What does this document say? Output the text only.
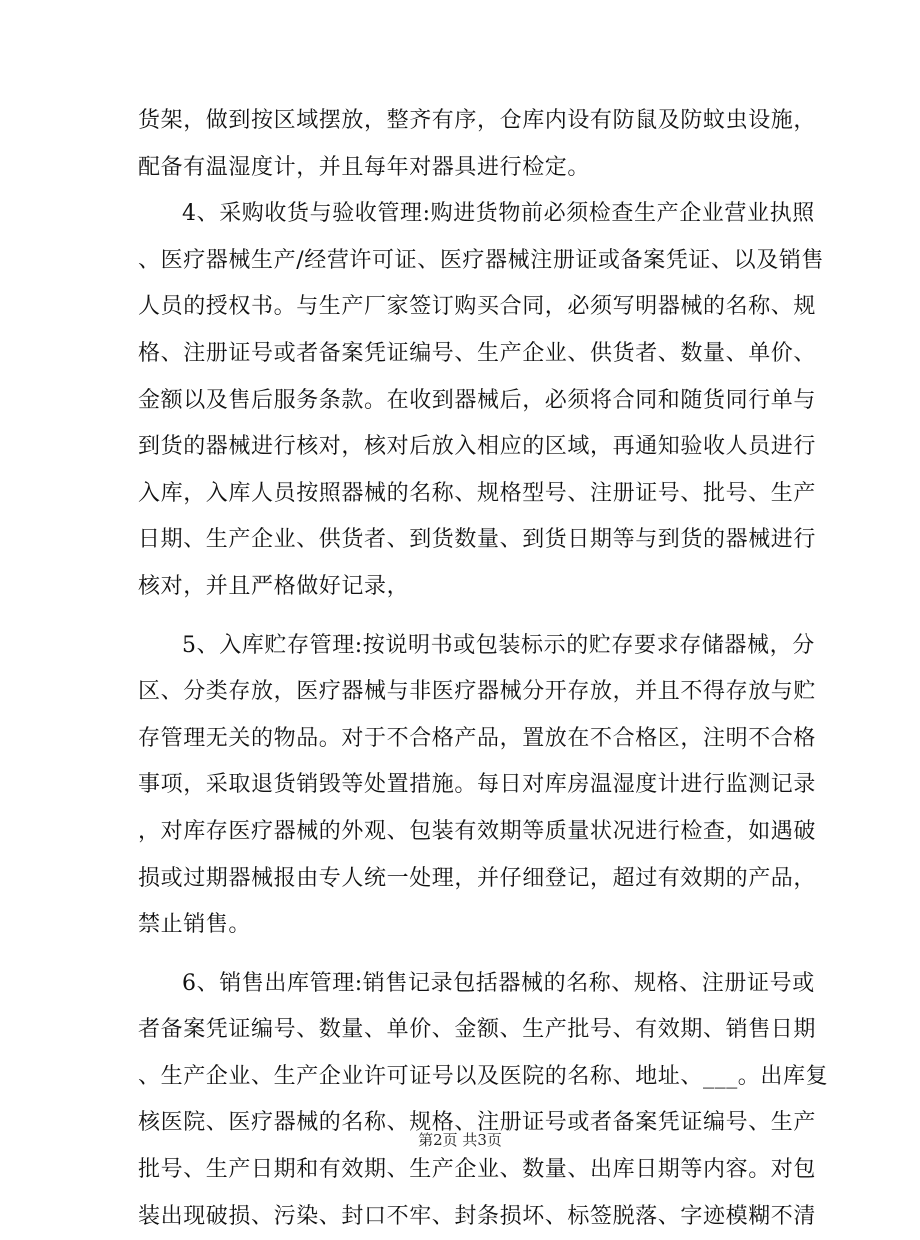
货架，做到按区域摆放，整齐有序，仓库内设有防鼠及防蚊虫设施，
配备有温湿度计，并且每年对器具进行检定。
4、采购收货与验收管理:购进货物前必须检查生产企业营业执照
、医疗器械生产/经营许可证、医疗器械注册证或备案凭证、以及销售
人员的授权书。与生产厂家签订购买合同，必须写明器械的名称、规
格、注册证号或者备案凭证编号、生产企业、供货者、数量、单价、
金额以及售后服务条款。在收到器械后，必须将合同和随货同行单与
到货的器械进行核对，核对后放入相应的区域，再通知验收人员进行
入库，入库人员按照器械的名称、规格型号、注册证号、批号、生产
日期、生产企业、供货者、到货数量、到货日期等与到货的器械进行
核对，并且严格做好记录，
5、入库贮存管理:按说明书或包装标示的贮存要求存储器械，分
区、分类存放，医疗器械与非医疗器械分开存放，并且不得存放与贮
存管理无关的物品。对于不合格产品，置放在不合格区，注明不合格
事项，采取退货销毁等处置措施。每日对库房温湿度计进行监测记录
，对库存医疗器械的外观、包装有效期等质量状况进行检查，如遇破
损或过期器械报由专人统一处理，并仔细登记，超过有效期的产品，
禁止销售。
6、销售出库管理:销售记录包括器械的名称、规格、注册证号或
者备案凭证编号、数量、单价、金额、生产批号、有效期、销售日期
、生产企业、生产企业许可证号以及医院的名称、地址、___。出库复
核医院、医疗器械的名称、规格、注册证号或者备案凭证编号、生产
批号、生产日期和有效期、生产企业、数量、出库日期等内容。对包
装出现破损、污染、封口不牢、封条损坏、标签脱落、字迹模糊不清
第2页 共3页
